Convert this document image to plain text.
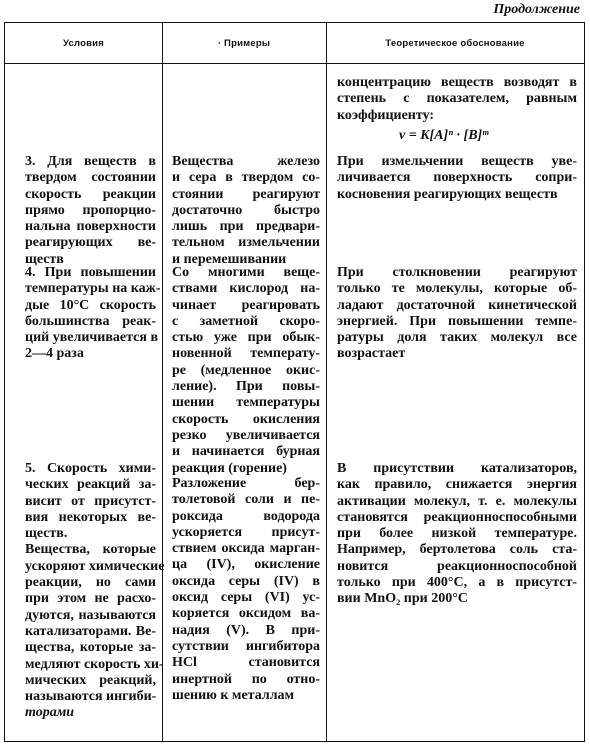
Продолжение
Условия	· Примеры	Теоретическое обоснование
концентрацию веществ возводят в
степень с показателем, равным
коэффициенту:
v = K[A]ⁿ · [B]ᵐ
3. Для веществ в
твердом состоянии
скорость реакции
прямо пропорцио-
нальна поверхности
реагирующих ве-
ществ
Вещества железо
и сера в твердом со-
стоянии реагируют
достаточно быстро
лишь при предвари-
тельном измельчении
и перемешивании
При измельчении веществ уве-
личивается поверхность сопри-
косновения реагирующих веществ
4. При повышении
температуры на каж-
дые 10°C скорость
большинства реак-
ций увеличивается в
2—4 раза
Со многими веще-
ствами кислород на-
чинает реагировать
с заметной скоро-
стью уже при обык-
новенной температу-
ре (медленное окис-
ление). При повы-
шении температуры
скорость окисления
резко увеличивается
и начинается бурная
реакция (горение)
При столкновении реагируют
только те молекулы, которые об-
ладают достаточной кинетической
энергией. При повышении темпе-
ратуры доля таких молекул все
возрастает
5. Скорость хими-
ческих реакций за-
висит от присутст-
вия некоторых ве-
ществ.
Вещества, которые
ускоряют химические
реакции, но сами
при этом не расхо-
дуются, называются
катализаторами. Ве-
щества, которые за-
медляют скорость хи-
мических реакций,
называются ингиби-
торами
Разложение бер-
толетовой соли и пе-
роксида водорода
ускоряется присут-
ствием оксида марган-
ца (IV), окисление
оксида серы (IV) в
оксид серы (VI) ус-
коряется оксидом ва-
надия (V). В при-
сутствии ингибитора
HCl становится
инертной по отно-
шению к металлам
В присутствии катализаторов,
как правило, снижается энергия
активации молекул, т. е. молекулы
становятся реакционноспособными
при более низкой температуре.
Например, бертолетова соль ста-
новится реакционноспособной
только при 400°С, а в присутст-
вии MnO₂ при 200°С
